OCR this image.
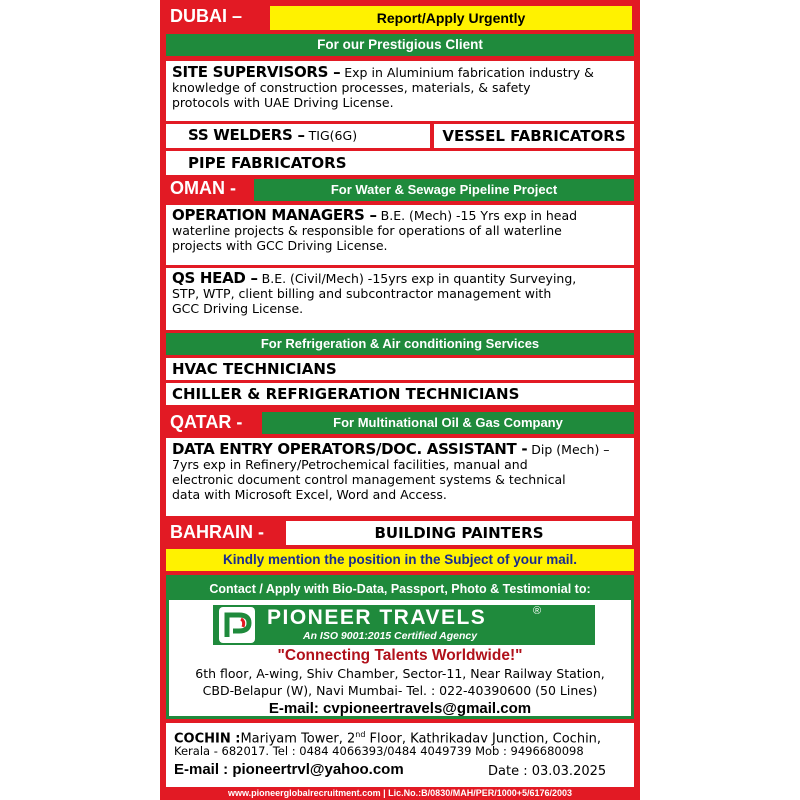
DUBAI –	Report/Apply Urgently
For our Prestigious Client
SITE SUPERVISORS – Exp in Aluminium fabrication industry &
knowledge of construction processes, materials, & safety
protocols with UAE Driving License.
SS WELDERS – TIG(6G)	VESSEL FABRICATORS
PIPE FABRICATORS
OMAN -	For Water & Sewage Pipeline Project
OPERATION MANAGERS – B.E. (Mech) -15 Yrs exp in head
waterline projects & responsible for operations of all waterline
projects with GCC Driving License.
QS HEAD – B.E. (Civil/Mech) -15yrs exp in quantity Surveying,
STP, WTP, client billing and subcontractor management with
GCC Driving License.
For Refrigeration & Air conditioning Services
HVAC TECHNICIANS
CHILLER & REFRIGERATION TECHNICIANS
QATAR -	For Multinational Oil & Gas Company
DATA ENTRY OPERATORS/DOC. ASSISTANT - Dip (Mech) –
7yrs exp in Refinery/Petrochemical facilities, manual and
electronic document control management systems & technical
data with Microsoft Excel, Word and Access.
BAHRAIN -	BUILDING PAINTERS
Kindly mention the position in the Subject of your mail.
Contact / Apply with Bio-Data, Passport, Photo & Testimonial to:
PIONEER TRAVELS	®
An ISO 9001:2015 Certified Agency
"Connecting Talents Worldwide!"
6th floor, A-wing, Shiv Chamber, Sector-11, Near Railway Station,
CBD-Belapur (W), Navi Mumbai- Tel. : 022-40390600 (50 Lines)
E-mail: cvpioneertravels@gmail.com
COCHIN :Mariyam Tower, 2nd Floor, Kathrikadav Junction, Cochin,
Kerala - 682017. Tel : 0484 4066393/0484 4049739 Mob : 9496680098
E-mail : pioneertrvl@yahoo.com	Date : 03.03.2025
www.pioneerglobalrecruitment.com | Lic.No.:B/0830/MAH/PER/1000+5/6176/2003
